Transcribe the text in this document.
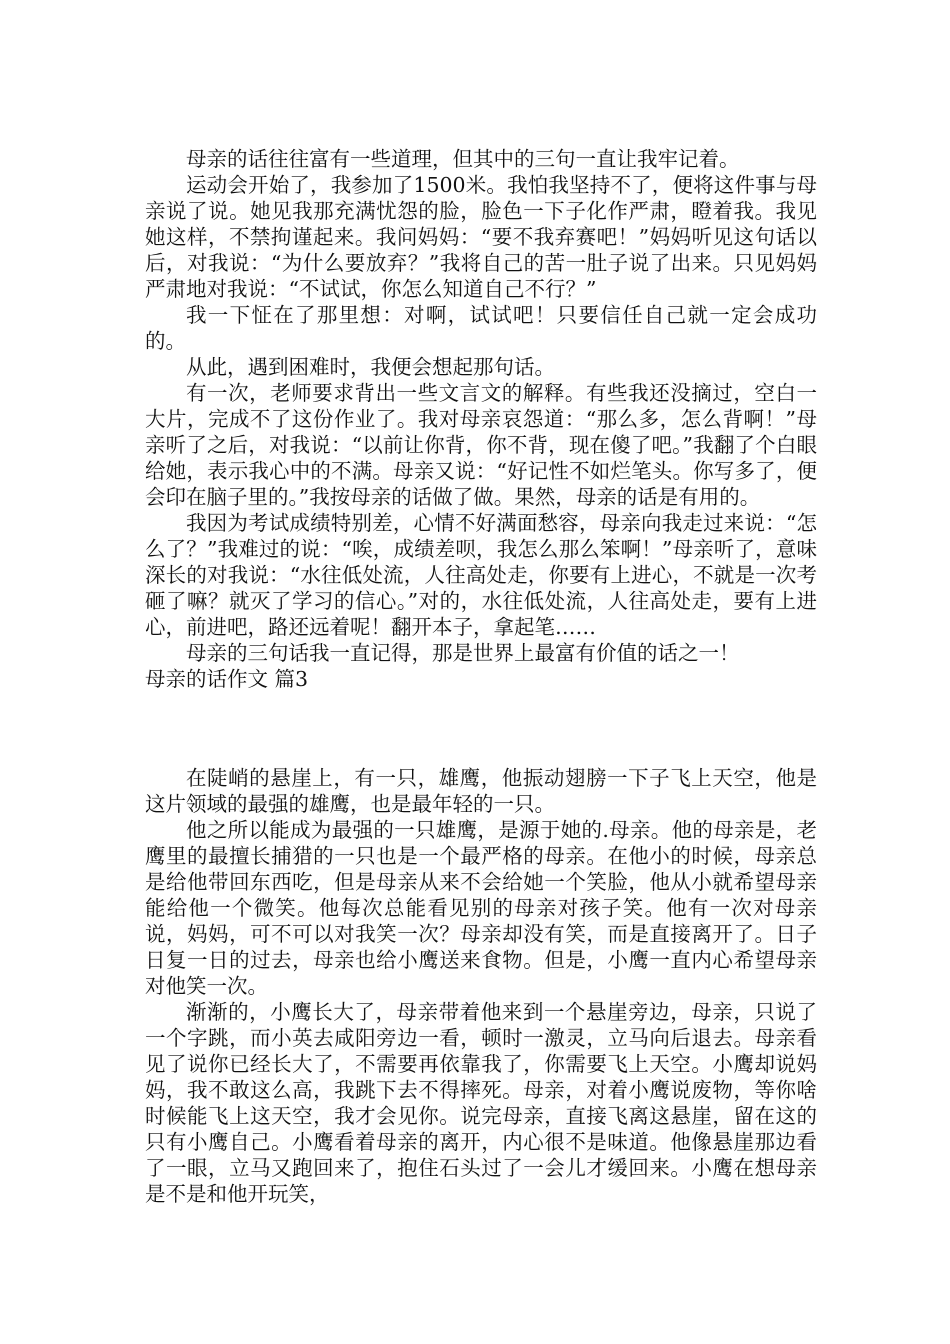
母亲的话往往富有一些道理，但其中的三句一直让我牢记着。

运动会开始了，我参加了1500米。我怕我坚持不了，便将这件事与母亲说了说。她见我那充满忧怨的脸，脸色一下子化作严肃，瞪着我。我见她这样，不禁拘谨起来。我问妈妈：“要不我弃赛吧！”妈妈听见这句话以后，对我说：“为什么要放弃？”我将自己的苦一肚子说了出来。只见妈妈严肃地对我说：“不试试，你怎么知道自己不行？”

我一下怔在了那里想：对啊，试试吧！只要信任自己就一定会成功的。

从此，遇到困难时，我便会想起那句话。

有一次，老师要求背出一些文言文的解释。有些我还没摘过，空白一大片，完成不了这份作业了。我对母亲哀怨道：“那么多，怎么背啊！”母亲听了之后，对我说：“以前让你背，你不背，现在傻了吧。”我翻了个白眼给她，表示我心中的不满。母亲又说：“好记性不如烂笔头。你写多了，便会印在脑子里的。”我按母亲的话做了做。果然，母亲的话是有用的。

我因为考试成绩特别差，心情不好满面愁容，母亲向我走过来说：“怎么了？”我难过的说：“唉，成绩差呗，我怎么那么笨啊！”母亲听了，意味深长的对我说：“水往低处流，人往高处走，你要有上进心，不就是一次考砸了嘛？就灭了学习的信心。”对的，水往低处流，人往高处走，要有上进心，前进吧，路还远着呢！翻开本子，拿起笔……

母亲的三句话我一直记得，那是世界上最富有价值的话之一！

母亲的话作文 篇3

在陡峭的悬崖上，有一只，雄鹰，他振动翅膀一下子飞上天空，他是这片领域的最强的雄鹰，也是最年轻的一只。

他之所以能成为最强的一只雄鹰，是源于她的.母亲。他的母亲是，老鹰里的最擅长捕猎的一只也是一个最严格的母亲。在他小的时候，母亲总是给他带回东西吃，但是母亲从来不会给她一个笑脸，他从小就希望母亲能给他一个微笑。他每次总能看见别的母亲对孩子笑。他有一次对母亲说，妈妈，可不可以对我笑一次？母亲却没有笑，而是直接离开了。日子日复一日的过去，母亲也给小鹰送来食物。但是，小鹰一直内心希望母亲对他笑一次。

渐渐的，小鹰长大了，母亲带着他来到一个悬崖旁边，母亲，只说了一个字跳，而小英去咸阳旁边一看，顿时一激灵，立马向后退去。母亲看见了说你已经长大了，不需要再依靠我了，你需要飞上天空。小鹰却说妈妈，我不敢这么高，我跳下去不得摔死。母亲，对着小鹰说废物，等你啥时候能飞上这天空，我才会见你。说完母亲，直接飞离这悬崖，留在这的只有小鹰自己。小鹰看着母亲的离开，内心很不是味道。他像悬崖那边看了一眼，立马又跑回来了，抱住石头过了一会儿才缓回来。小鹰在想母亲是不是和他开玩笑，
